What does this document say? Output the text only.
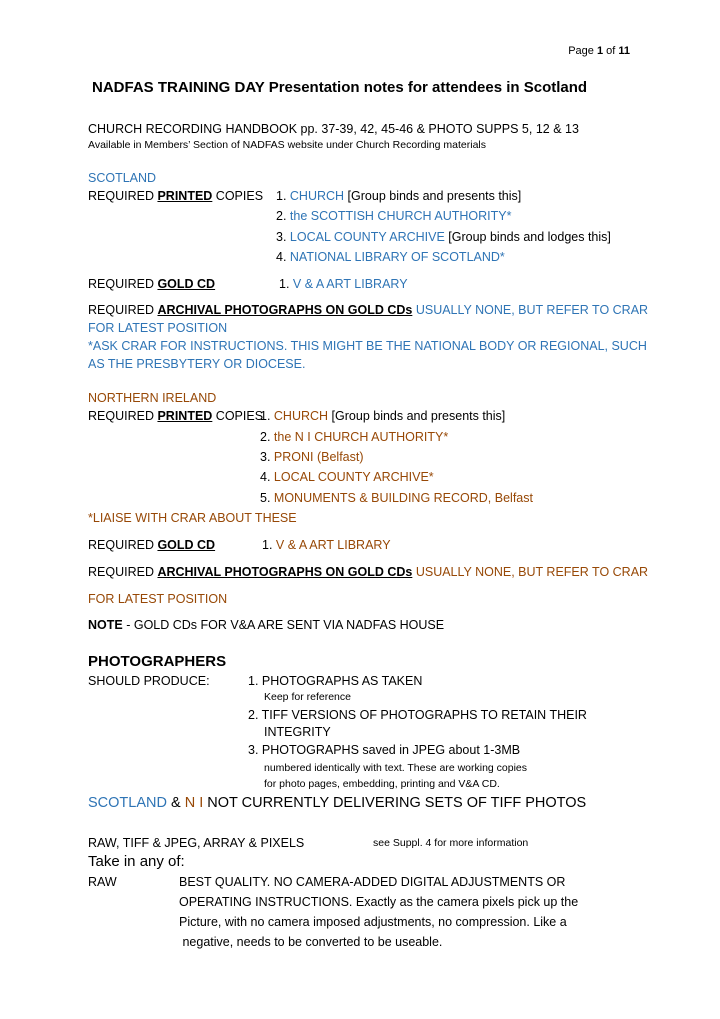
Page 1 of 11
NADFAS TRAINING DAY Presentation notes for attendees in Scotland
CHURCH RECORDING HANDBOOK pp. 37-39, 42, 45-46 & PHOTO SUPPS 5, 12 & 13
Available in Members’ Section of NADFAS website under Church Recording materials
SCOTLAND
REQUIRED PRINTED COPIES 1. CHURCH [Group binds and presents this]
2. the SCOTTISH CHURCH AUTHORITY*
3. LOCAL COUNTY ARCHIVE [Group binds and lodges this]
4. NATIONAL LIBRARY OF SCOTLAND*
REQUIRED GOLD CD	1. V & A ART LIBRARY
REQUIRED ARCHIVAL PHOTOGRAPHS ON GOLD CDs USUALLY NONE, BUT REFER TO CRAR
FOR LATEST POSITION
*ASK CRAR FOR INSTRUCTIONS. THIS MIGHT BE THE NATIONAL BODY OR REGIONAL, SUCH
AS THE PRESBYTERY OR DIOCESE.
NORTHERN IRELAND
REQUIRED PRINTED COPIES
1. CHURCH [Group binds and presents this]
2. the N I CHURCH AUTHORITY*
3. PRONI (Belfast)
4. LOCAL COUNTY ARCHIVE*
5. MONUMENTS & BUILDING RECORD, Belfast
*LIAISE WITH CRAR ABOUT THESE
REQUIRED GOLD CD	1. V & A ART LIBRARY
REQUIRED ARCHIVAL PHOTOGRAPHS ON GOLD CDs USUALLY NONE, BUT REFER TO CRAR
FOR LATEST POSITION
NOTE - GOLD CDs FOR V&A ARE SENT VIA NADFAS HOUSE
PHOTOGRAPHERS
SHOULD PRODUCE:	1. PHOTOGRAPHS AS TAKEN
Keep for reference
2. TIFF VERSIONS OF PHOTOGRAPHS TO RETAIN THEIR
INTEGRITY
3. PHOTOGRAPHS saved in JPEG about 1-3MB
numbered identically with text. These are working copies
for photo pages, embedding, printing and V&A CD.
SCOTLAND & N I NOT CURRENTLY DELIVERING SETS OF TIFF PHOTOS
RAW, TIFF & JPEG, ARRAY & PIXELS	see Suppl. 4 for more information
Take in any of:
RAW	BEST QUALITY. NO CAMERA-ADDED DIGITAL ADJUSTMENTS OR
OPERATING INSTRUCTIONS. Exactly as the camera pixels pick up the
Picture, with no camera imposed adjustments, no compression. Like a
negative, needs to be converted to be useable.
